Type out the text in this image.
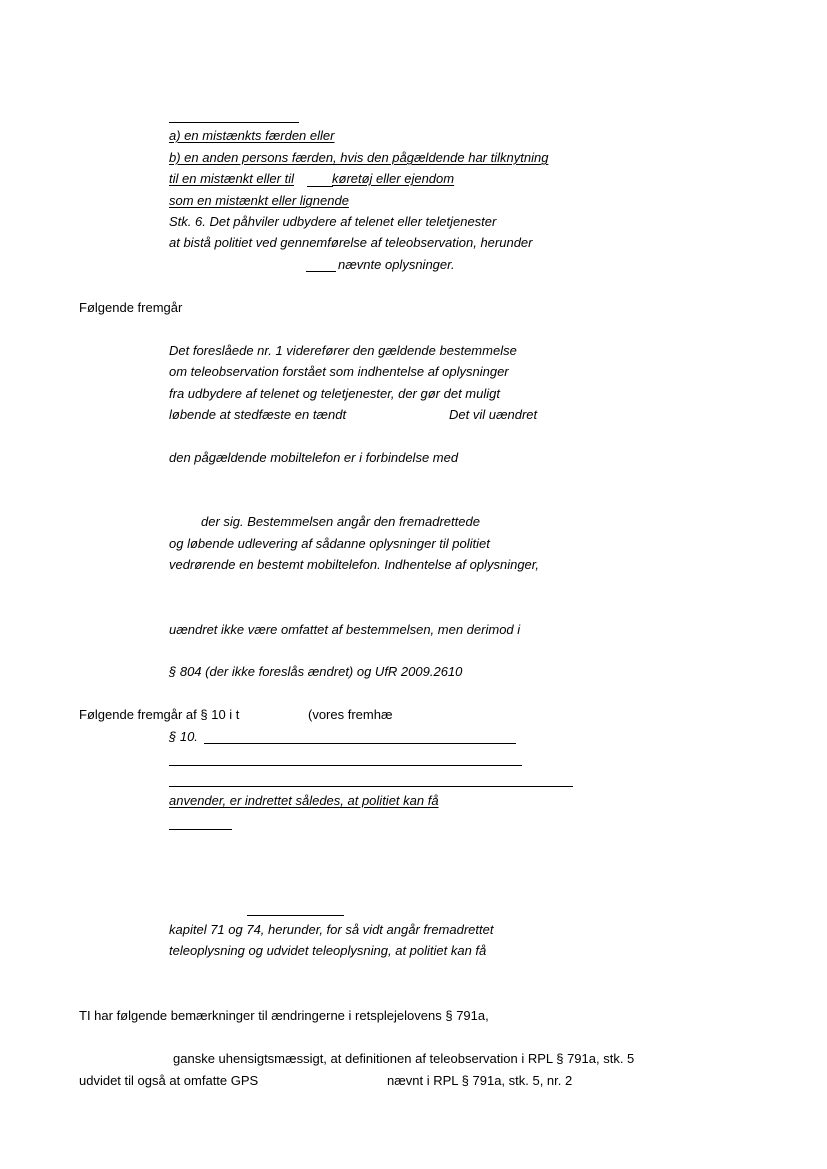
a) en mistænkts færden eller
b) en anden persons færden, hvis den pågældende har tilknytning
til en mistænkt eller til	køretøj eller ejendom
som en mistænkt eller lignende
Stk. 6. Det påhviler udbydere af telenet eller teletjenester
at bistå politiet ved gennemførelse af teleobservation, herunder
nævnte oplysninger.
Følgende fremgår
Det foreslåede nr. 1 viderefører den gældende bestemmelse
om teleobservation forstået som indhentelse af oplysninger
fra udbydere af telenet og teletjenester, der gør det muligt
løbende at stedfæste en tændt	Det vil uændret
den pågældende mobiltelefon er i forbindelse med
der sig. Bestemmelsen angår den fremadrettede
og løbende udlevering af sådanne oplysninger til politiet
vedrørende en bestemt mobiltelefon. Indhentelse af oplysninger,
uændret ikke være omfattet af bestemmelsen, men derimod i
§ 804 (der ikke foreslås ændret) og UfR 2009.2610
Følgende fremgår af § 10 i t	(vores fremhæ
§ 10.
anvender, er indrettet således, at politiet kan få
kapitel 71 og 74, herunder, for så vidt angår fremadrettet
teleoplysning og udvidet teleoplysning, at politiet kan få
TI har følgende bemærkninger til ændringerne i retsplejelovens § 791a,
ganske uhensigtsmæssigt, at definitionen af teleobservation i RPL § 791a, stk. 5
udvidet til også at omfatte GPS	nævnt i RPL § 791a, stk. 5, nr. 2
